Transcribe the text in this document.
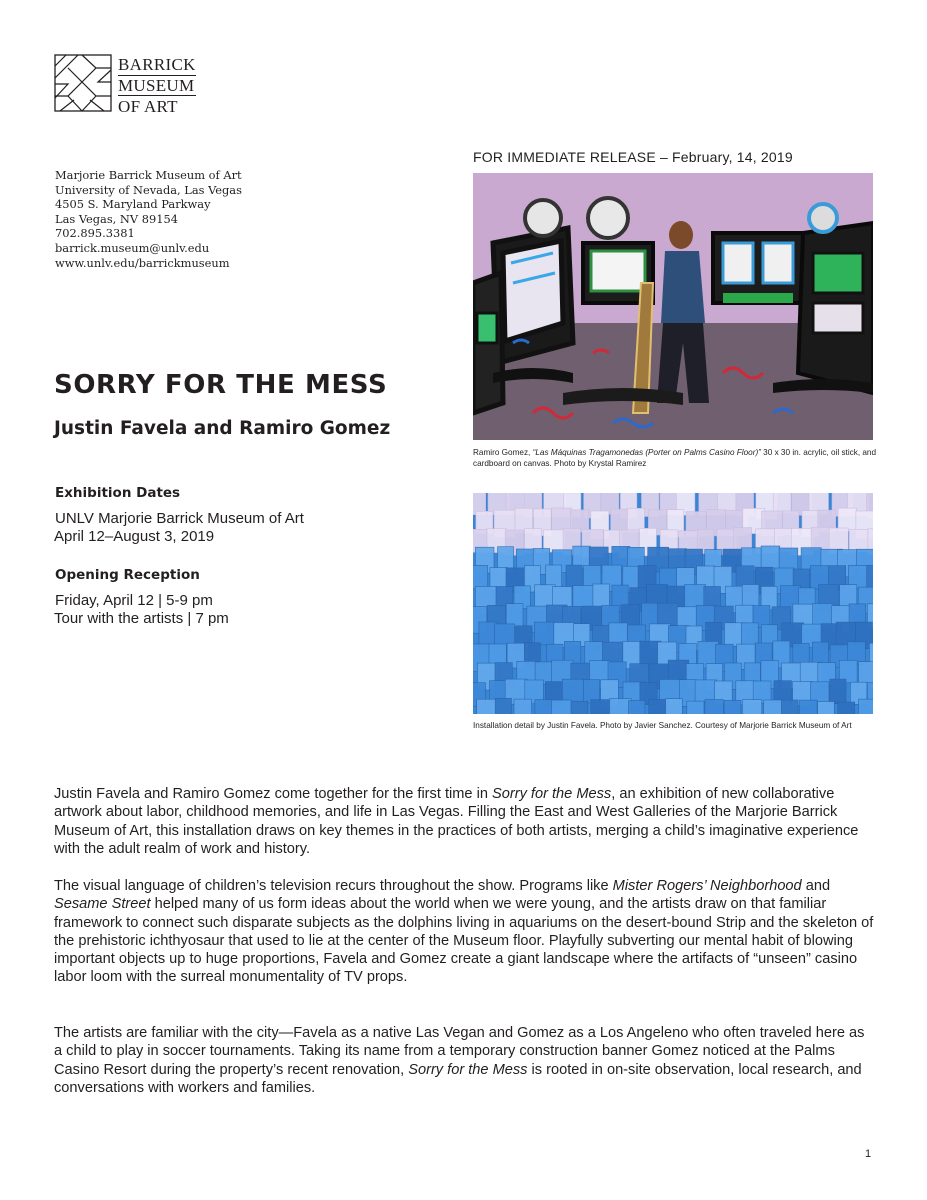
BARRICK
MUSEUM
OF ART
Marjorie Barrick Museum of Art
University of Nevada, Las Vegas
4505 S. Maryland Parkway
Las Vegas, NV 89154
702.895.3381
barrick.museum@unlv.edu
www.unlv.edu/barrickmuseum
FOR IMMEDIATE RELEASE – February, 14, 2019
Ramiro Gomez, “Las Máquinas Tragamonedas (Porter on Palms Casino Floor)” 30 x 30 in. acrylic, oil stick, and cardboard on canvas. Photo by Krystal Ramirez
Installation detail by Justin Favela. Photo by Javier Sanchez. Courtesy of Marjorie Barrick Museum of Art
SORRY FOR THE MESS
Justin Favela and Ramiro Gomez
Exhibition Dates
UNLV Marjorie Barrick Museum of Art
April 12–August 3, 2019
Opening Reception
Friday, April 12 | 5-9 pm
Tour with the artists | 7 pm

Justin Favela and Ramiro Gomez come together for the first time in Sorry for the Mess, an exhibition of new collaborative artwork about labor, childhood memories, and life in Las Vegas. Filling the East and West Galleries of the Marjorie Barrick Museum of Art, this installation draws on key themes in the practices of both artists, merging a child’s imaginative experience with the adult realm of work and history.

The visual language of children’s television recurs throughout the show. Programs like Mister Rogers’ Neighborhood and Sesame Street helped many of us form ideas about the world when we were young, and the artists draw on that familiar framework to connect such disparate subjects as the dolphins living in aquariums on the desert-bound Strip and the skeleton of the prehistoric ichthyosaur that used to lie at the center of the Museum floor. Playfully subverting our mental habit of blowing important objects up to huge proportions, Favela and Gomez create a giant landscape where the artifacts of “unseen” casino labor loom with the surreal monumentality of TV props.

The artists are familiar with the city—Favela as a native Las Vegan and Gomez as a Los Angeleno who often traveled here as a child to play in soccer tournaments. Taking its name from a temporary construction banner Gomez noticed at the Palms Casino Resort during the property’s recent renovation, Sorry for the Mess is rooted in on-site observation, local research, and conversations with workers and families.

1
